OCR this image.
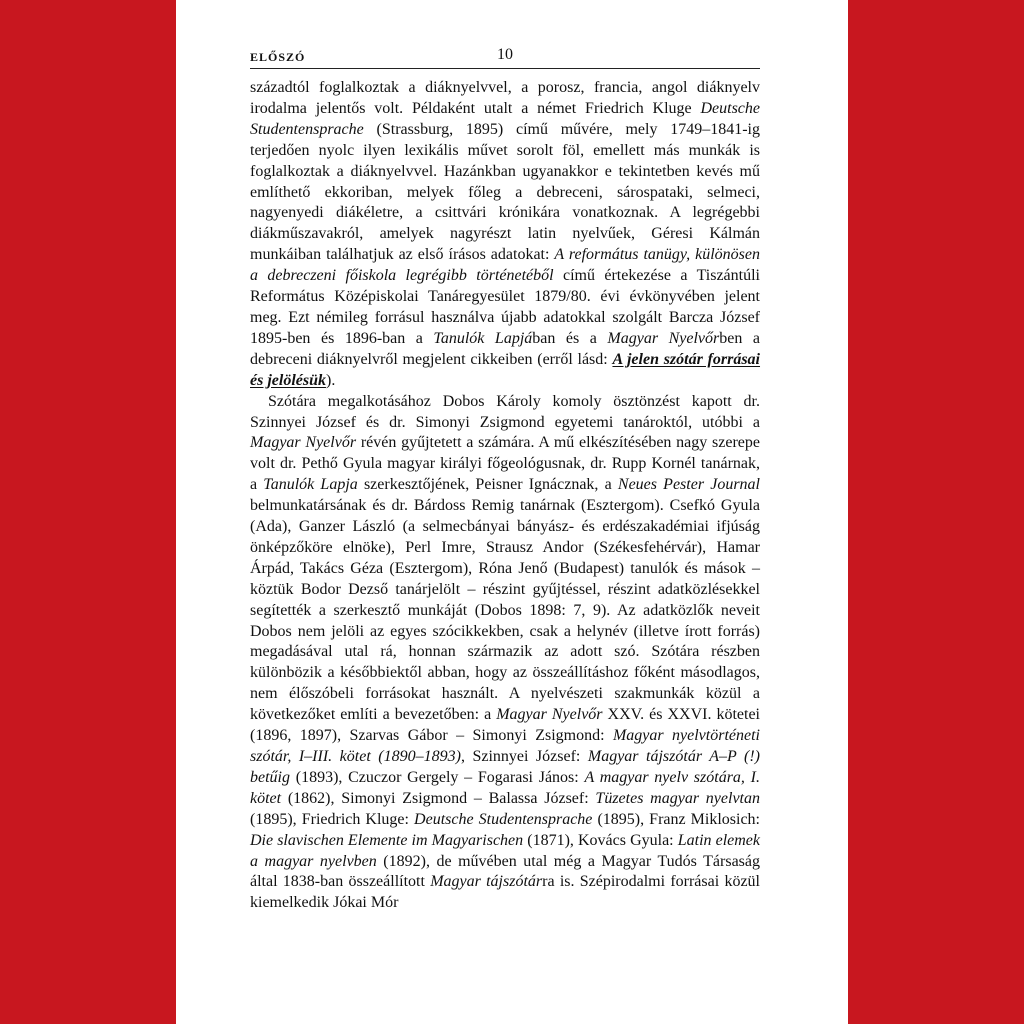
ELŐSZÓ	10

századtól foglalkoztak a diáknyelvvel, a porosz, francia, angol diáknyelv irodalma jelentős volt. Példaként utalt a német Friedrich Kluge Deutsche Studentensprache (Strassburg, 1895) című művére, mely 1749–1841-ig terjedően nyolc ilyen lexikális művet sorolt föl, emellett más munkák is foglalkoztak a diáknyelvvel. Hazánkban ugyanakkor e tekintetben kevés mű említhető ekkoriban, melyek főleg a debreceni, sárospataki, selmeci, nagyenyedi diákéletre, a csittvári krónikára vonatkoznak. A legrégebbi diákműszavakról, amelyek nagyrészt latin nyelvűek, Géresi Kálmán munkáiban találhatjuk az első írásos adatokat: A református tanügy, különösen a debreczeni főiskola legrégibb történetéből című értekezése a Tiszántúli Református Középiskolai Tanáregyesület 1879/80. évi évkönyvében jelent meg. Ezt némileg forrásul használva újabb adatokkal szolgált Barcza József 1895-ben és 1896-ban a Tanulók Lapjában és a Magyar Nyelvőrben a debreceni diáknyelvről megjelent cikkeiben (erről lásd: A jelen szótár forrásai és jelölésük).

Szótára megalkotásához Dobos Károly komoly ösztönzést kapott dr. Szinnyei József és dr. Simonyi Zsigmond egyetemi tanároktól, utóbbi a Magyar Nyelvőr révén gyűjtetett a számára. A mű elkészítésében nagy szerepe volt dr. Pethő Gyula magyar királyi főgeológusnak, dr. Rupp Kornél tanárnak, a Tanulók Lapja szerkesztőjének, Peisner Ignácznak, a Neues Pester Journal belmunkatársának és dr. Bárdoss Remig tanárnak (Esztergom). Csefkó Gyula (Ada), Ganzer László (a selmecbányai bányász- és erdészakadémiai ifjúság önképzőköre elnöke), Perl Imre, Strausz Andor (Székesfehérvár), Hamar Árpád, Takács Géza (Esztergom), Róna Jenő (Budapest) tanulók és mások – köztük Bodor Dezső tanárjelölt – részint gyűjtéssel, részint adatközlésekkel segítették a szerkesztő munkáját (Dobos 1898: 7, 9). Az adatközlők neveit Dobos nem jelöli az egyes szócikkekben, csak a helynév (illetve írott forrás) megadásával utal rá, honnan származik az adott szó. Szótára részben különbözik a későbbiektől abban, hogy az összeállításhoz főként másodlagos, nem élőszóbeli forrásokat használt. A nyelvészeti szakmunkák közül a következőket említi a bevezetőben: a Magyar Nyelvőr XXV. és XXVI. kötetei (1896, 1897), Szarvas Gábor – Simonyi Zsigmond: Magyar nyelvtörténeti szótár, I–III. kötet (1890–1893), Szinnyei József: Magyar tájszótár A–P (!) betűig (1893), Czuczor Gergely – Fogarasi János: A magyar nyelv szótára, I. kötet (1862), Simonyi Zsigmond – Balassa József: Tüzetes magyar nyelvtan (1895), Friedrich Kluge: Deutsche Studentensprache (1895), Franz Miklosich: Die slavischen Elemente im Magyarischen (1871), Kovács Gyula: Latin elemek a magyar nyelvben (1892), de művében utal még a Magyar Tudós Társaság által 1838-ban összeállított Magyar tájszótárra is. Szépirodalmi forrásai közül kiemelkedik Jókai Mór
